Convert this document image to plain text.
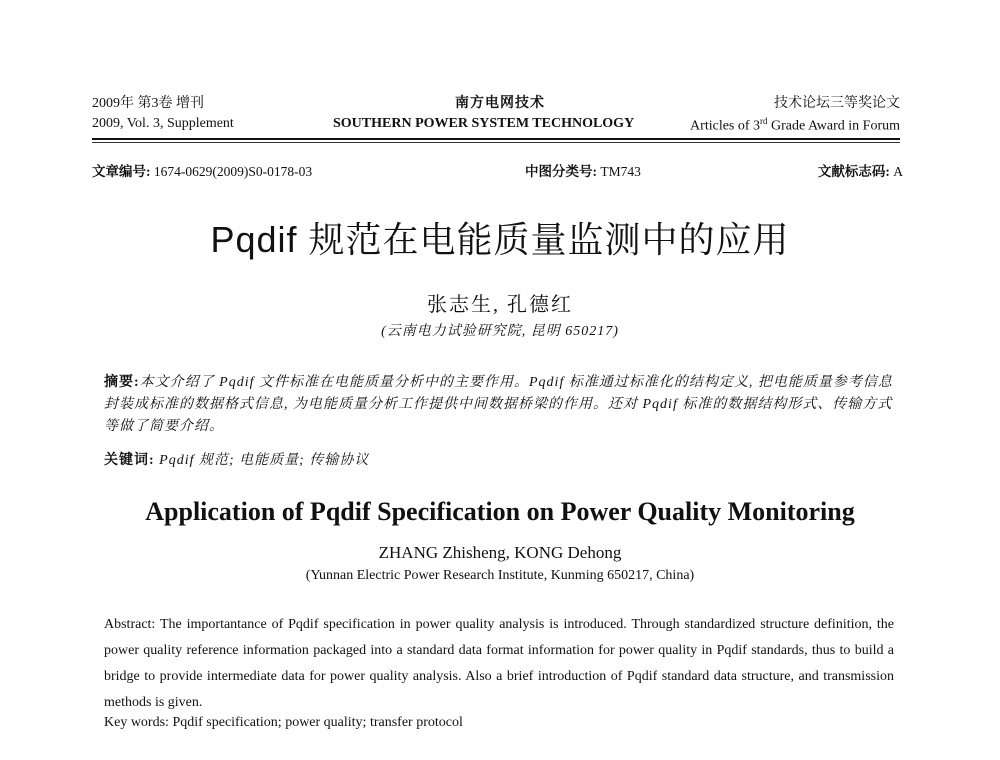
2009年 第3卷 增刊	南方电网技术	技术论坛三等奖论文
2009, Vol. 3, Supplement	SOUTHERN POWER SYSTEM TECHNOLOGY	Articles of 3rd Grade Award in Forum
文章编号: 1674-0629(2009)S0-0178-03	中图分类号: TM743	文献标志码: A
Pqdif 规范在电能质量监测中的应用
张志生, 孔德红
(云南电力试验研究院, 昆明 650217)
摘要:本文介绍了 Pqdif 文件标准在电能质量分析中的主要作用。Pqdif 标准通过标准化的结构定义, 把电能质量参考信息封装成标准的数据格式信息, 为电能质量分析工作提供中间数据桥梁的作用。还对 Pqdif 标准的数据结构形式、传输方式等做了简要介绍。
关键词: Pqdif 规范; 电能质量; 传输协议
Application of Pqdif Specification on Power Quality Monitoring
ZHANG Zhisheng, KONG Dehong
(Yunnan Electric Power Research Institute, Kunming 650217, China)
Abstract: The importantance of Pqdif specification in power quality analysis is introduced. Through standardized structure definition, the power quality reference information packaged into a standard data format information for power quality in Pqdif standards, thus to build a bridge to provide intermediate data for power quality analysis. Also a brief introduction of Pqdif standard data structure, and transmission methods is given.
Key words: Pqdif specification; power quality; transfer protocol
